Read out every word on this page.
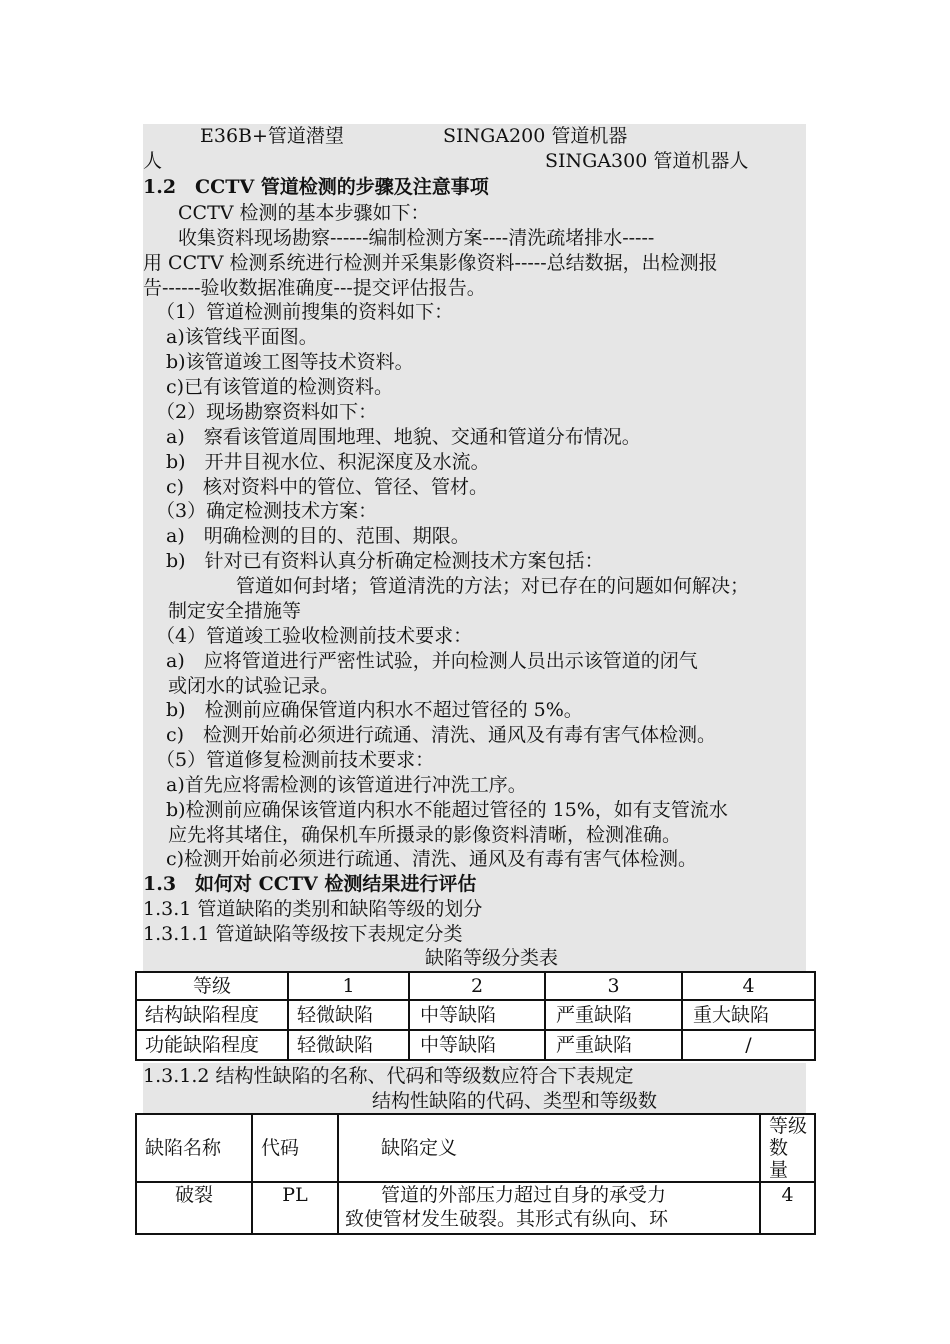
E36B+管道潜望	SINGA200 管道机器
人	SINGA300 管道机器人
1.2　CCTV 管道检测的步骤及注意事项
CCTV 检测的基本步骤如下：
收集资料现场勘察------编制检测方案----清洗疏堵排水-----
用 CCTV 检测系统进行检测并采集影像资料-----总结数据，出检测报
告------验收数据准确度---提交评估报告。
（1）管道检测前搜集的资料如下：
a)该管线平面图。
b)该管道竣工图等技术资料。
c)已有该管道的检测资料。
（2）现场勘察资料如下：
a)　察看该管道周围地理、地貌、交通和管道分布情况。
b)　开井目视水位、积泥深度及水流。
c)　核对资料中的管位、管径、管材。
（3）确定检测技术方案：
a)　明确检测的目的、范围、期限。
b)　针对已有资料认真分析确定检测技术方案包括：
管道如何封堵；管道清洗的方法；对已存在的问题如何解决；
制定安全措施等
（4）管道竣工验收检测前技术要求：
a)　应将管道进行严密性试验，并向检测人员出示该管道的闭气
或闭水的试验记录。
b)　检测前应确保管道内积水不超过管径的 5%。
c)　检测开始前必须进行疏通、清洗、通风及有毒有害气体检测。
（5）管道修复检测前技术要求：
a)首先应将需检测的该管道进行冲洗工序。
b)检测前应确保该管道内积水不能超过管径的 15%，如有支管流水
应先将其堵住，确保机车所摄录的影像资料清晰，检测准确。
c)检测开始前必须进行疏通、清洗、通风及有毒有害气体检测。
1.3　如何对 CCTV 检测结果进行评估
1.3.1 管道缺陷的类别和缺陷等级的划分
1.3.1.1 管道缺陷等级按下表规定分类
缺陷等级分类表
等级	1	2	3	4
结构缺陷程度	轻微缺陷	中等缺陷	严重缺陷	重大缺陷
功能缺陷程度	轻微缺陷	中等缺陷	严重缺陷	/
1.3.1.2 结构性缺陷的名称、代码和等级数应符合下表规定
结构性缺陷的代码、类型和等级数
缺陷名称	代码	缺陷定义	等级数
量

破裂	PL	管道的外部压力超过自身的承受力
致使管材发生破裂。其形式有纵向、环	4
